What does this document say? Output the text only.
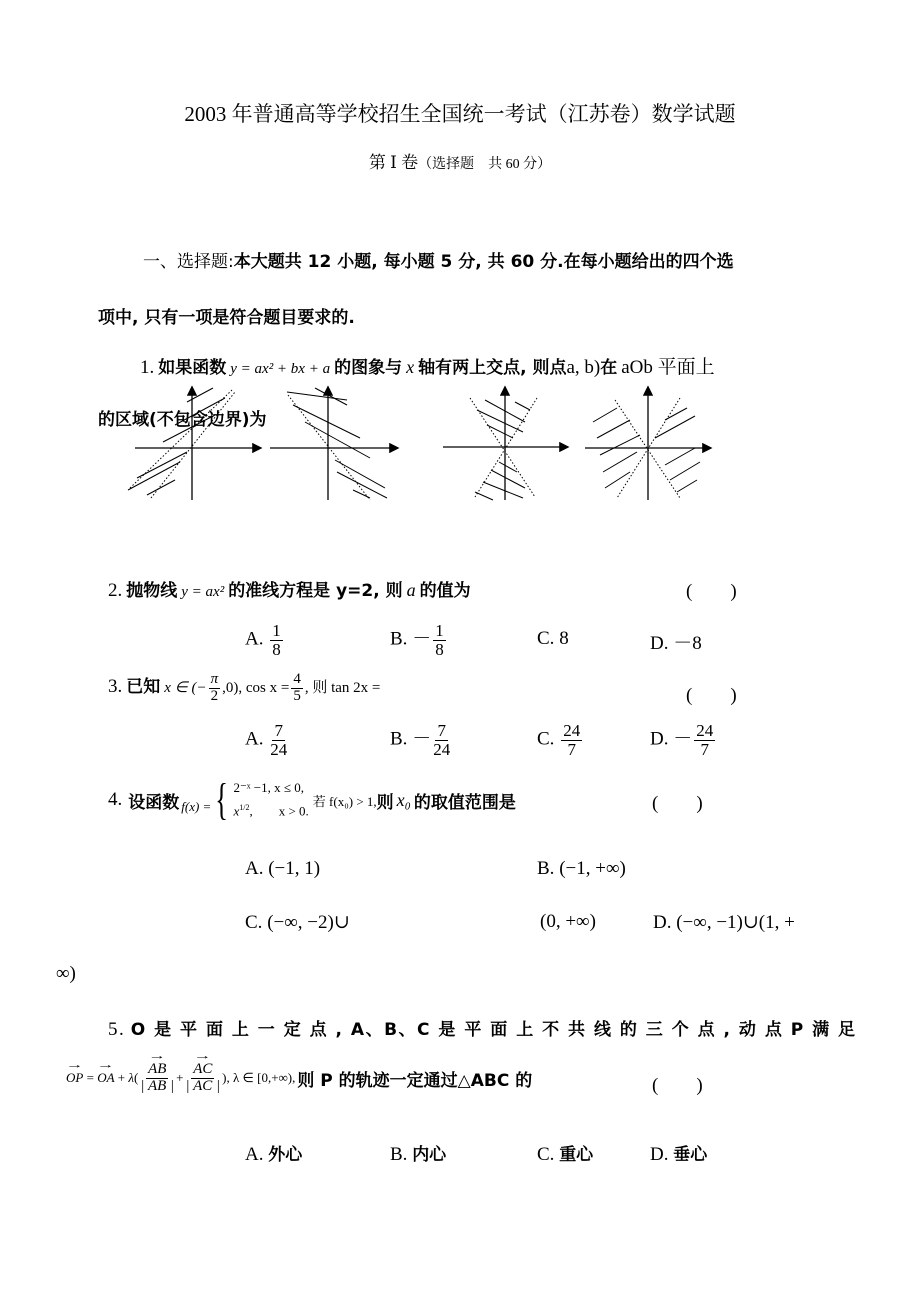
2003 年普通高等学校招生全国统一考试（江苏卷）数学试题
第 Ⅰ 卷（选择题　共 60 分）
一、选择题:本大题共 12 小题, 每小题 5 分, 共 60 分.在每小题给出的四个选
项中, 只有一项是符合题目要求的.
1. 如果函数 y = ax² + bx + a 的图象与 x 轴有两上交点, 则点a, b)在 aOb 平面上
的区域(不包含边界)为
2. 抛物线 y = ax² 的准线方程是 y=2, 则 a 的值为	(　　)
A. $\frac{1}{8}$	B. － $\frac{1}{8}$	C. 8	D. －8
3. 已知 x ∈ (− $\frac{\pi}{2} ,0$), $\cos x = \frac{4}{5}$ , 则 tan 2x =	(　　)
A. $\frac{7}{24}$	B. － $\frac{7}{24}$	C. $\frac{24}{7}$	D. － $\frac{24}{7}$
4. 设函数 f(x) = { 2⁻ˣ −1, x ≤ 0,
$x^{1/2}$,        x > 0.
若 f(x₀) > 1, 则 x₀ 的取值范围是	(　　)
A. (−1, 1)	B. (−1, +∞)
C. (−∞, −2)∪	(0, +∞)	D. (−∞, −1)∪(1, +
∞)
5. O 是 平 面 上 一 定 点 , A、B、C 是 平 面 上 不 共 线 的 三 个 点 , 动 点 P 满 足
→ OP = → OA + λ ( → $\frac{AB}{| AB |}$ + → $\frac{AC}{| AC |}$ ), λ ∈ [0,+∞), 则 P 的轨迹一定通过△ABC 的	(　　)
A. 外心	B. 内心	C. 重心	D. 垂心
